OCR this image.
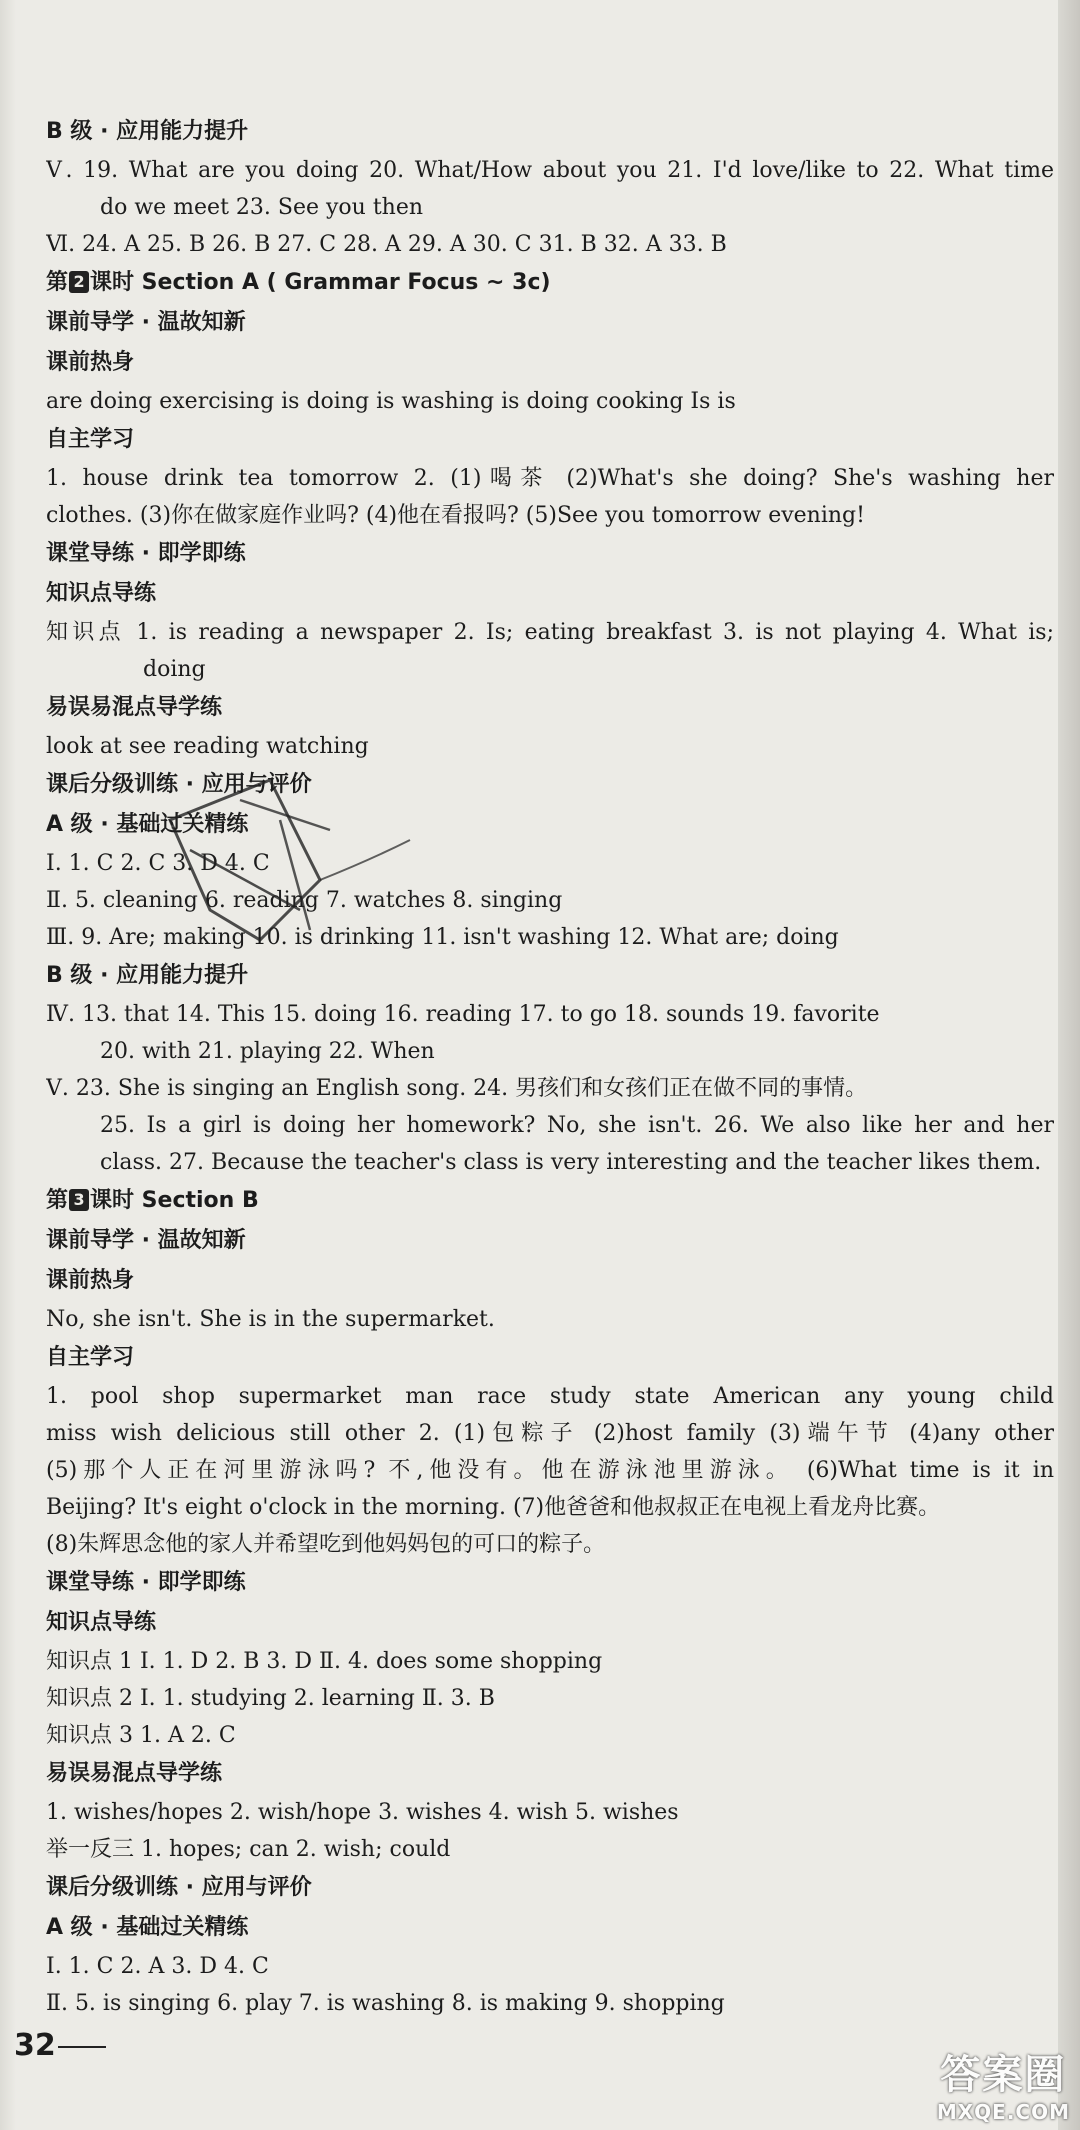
B 级 · 应用能力提升
Ⅴ. 19. What are you doing 20. What/How about you 21. I'd love/like to 22. What time
do we meet 23. See you then
Ⅵ. 24. A 25. B 26. B 27. C 28. A 29. A 30. C 31. B 32. A 33. B
第 2 课时 Section A ( Grammar Focus ~ 3c)
课前导学 · 温故知新
课前热身
are doing exercising is doing is washing is doing cooking Is is
自主学习
1. house drink tea tomorrow 2. (1)喝茶 (2)What's she doing? She's washing her
clothes. (3)你在做家庭作业吗? (4)他在看报吗? (5)See you tomorrow evening!
课堂导练 · 即学即练
知识点导练
知识点 1. is reading a newspaper 2. Is; eating breakfast 3. is not playing 4. What is;
doing
易误易混点导学练
look at see reading watching
课后分级训练 · 应用与评价
A 级 · 基础过关精练
Ⅰ. 1. C 2. C 3. D 4. C
Ⅱ. 5. cleaning 6. reading 7. watches 8. singing
Ⅲ. 9. Are; making 10. is drinking 11. isn't washing 12. What are; doing
B 级 · 应用能力提升
Ⅳ. 13. that 14. This 15. doing 16. reading 17. to go 18. sounds 19. favorite
20. with 21. playing 22. When
Ⅴ. 23. She is singing an English song. 24. 男孩们和女孩们正在做不同的事情。
25. Is a girl is doing her homework? No, she isn't. 26. We also like her and her
class. 27. Because the teacher's class is very interesting and the teacher likes them.
第 3 课时 Section B
课前导学 · 温故知新
课前热身
No, she isn't. She is in the supermarket.
自主学习
1. pool shop supermarket man race study state American any young child
miss wish delicious still other 2. (1)包粽子 (2)host family (3)端午节 (4)any other
(5)那个人正在河里游泳吗? 不,他没有。他在游泳池里游泳。 (6)What time is it in
Beijing? It's eight o'clock in the morning. (7)他爸爸和他叔叔正在电视上看龙舟比赛。
(8)朱辉思念他的家人并希望吃到他妈妈包的可口的粽子。
课堂导练 · 即学即练
知识点导练
知识点 1 Ⅰ. 1. D 2. B 3. D Ⅱ. 4. does some shopping
知识点 2 Ⅰ. 1. studying 2. learning Ⅱ. 3. B
知识点 3 1. A 2. C
易误易混点导学练
1. wishes/hopes 2. wish/hope 3. wishes 4. wish 5. wishes
举一反三 1. hopes; can 2. wish; could
课后分级训练 · 应用与评价
A 级 · 基础过关精练
Ⅰ. 1. C 2. A 3. D 4. C
Ⅱ. 5. is singing 6. play 7. is washing 8. is making 9. shopping
32
答案圈
MXQE.COM
